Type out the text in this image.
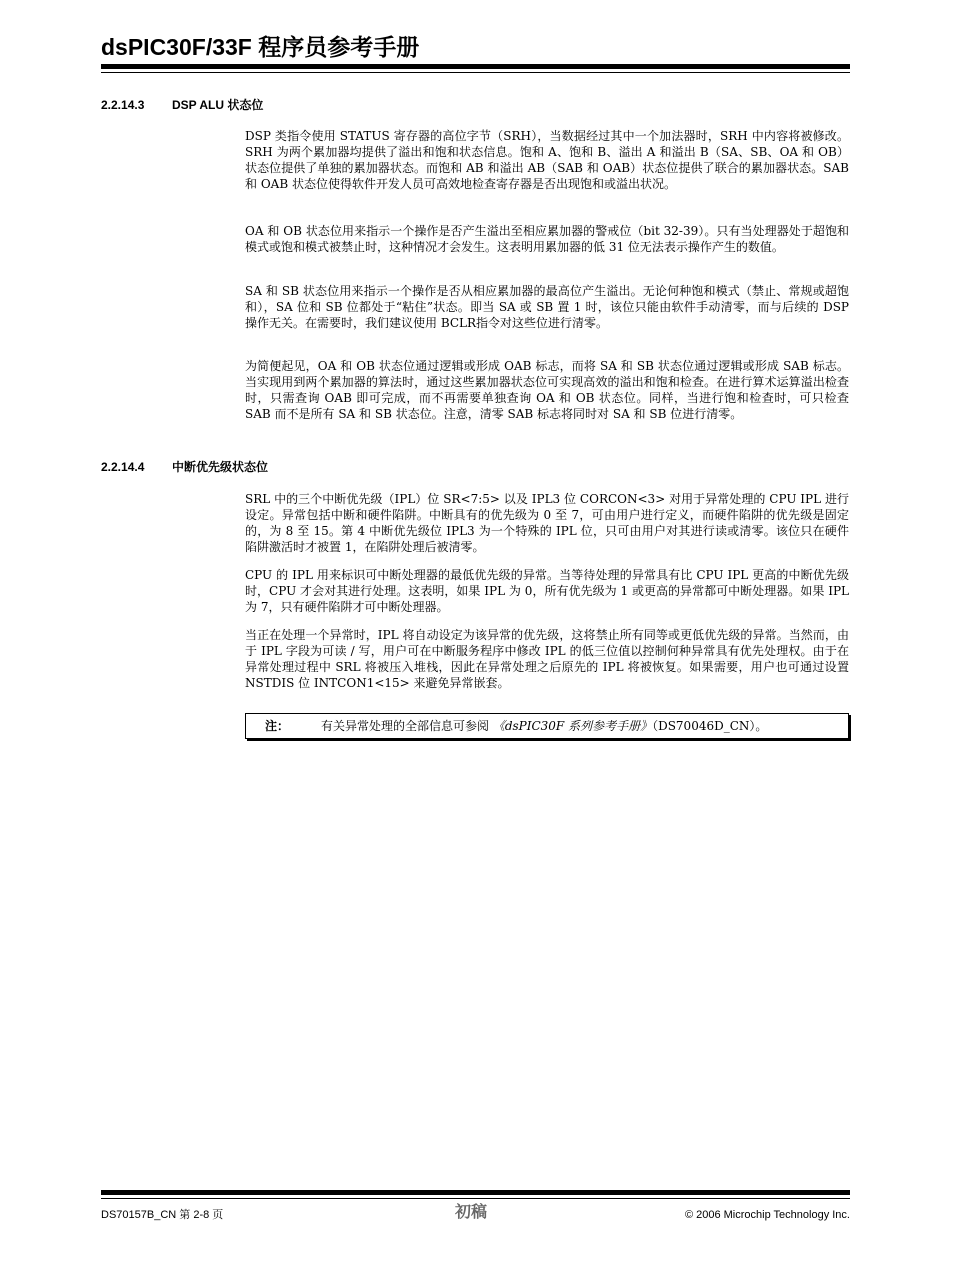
dsPIC30F/33F 程序员参考手册
2.2.14.3 DSP ALU 状态位

DSP 类指令使用 STATUS 寄存器的高位字节（SRH），当数据经过其中一个加法器时，SRH 中内容将被修改。SRH 为两个累加器均提供了溢出和饱和状态信息。饱和 A、饱和 B、溢出 A 和溢出 B（SA、SB、OA 和 OB）状态位提供了单独的累加器状态。而饱和 AB 和溢出 AB（SAB 和 OAB）状态位提供了联合的累加器状态。SAB 和 OAB 状态位使得软件开发人员可高效地检查寄存器是否出现饱和或溢出状况。

OA 和 OB 状态位用来指示一个操作是否产生溢出至相应累加器的警戒位（bit 32-39）。只有当处理器处于超饱和模式或饱和模式被禁止时，这种情况才会发生。这表明用累加器的低 31 位无法表示操作产生的数值。

SA 和 SB 状态位用来指示一个操作是否从相应累加器的最高位产生溢出。无论何种饱和模式（禁止、常规或超饱和），SA 位和 SB 位都处于“粘住”状态。即当 SA 或 SB 置 1 时，该位只能由软件手动清零，而与后续的 DSP 操作无关。在需要时，我们建议使用 BCLR指令对这些位进行清零。

为简便起见，OA 和 OB 状态位通过逻辑或形成 OAB 标志，而将 SA 和 SB 状态位通过逻辑或形成 SAB 标志。当实现用到两个累加器的算法时，通过这些累加器状态位可实现高效的溢出和饱和检查。在进行算术运算溢出检查时，只需查询 OAB 即可完成，而不再需要单独查询 OA 和 OB 状态位。同样，当进行饱和检查时，可只检查 SAB 而不是所有 SA 和 SB 状态位。注意，清零 SAB 标志将同时对 SA 和 SB 位进行清零。

2.2.14.4 中断优先级状态位

SRL 中的三个中断优先级（IPL）位 SR<7:5> 以及 IPL3 位 CORCON<3> 对用于异常处理的 CPU IPL 进行设定。异常包括中断和硬件陷阱。中断具有的优先级为 0 至 7，可由用户进行定义，而硬件陷阱的优先级是固定的，为 8 至 15。第 4 中断优先级位 IPL3 为一个特殊的 IPL 位，只可由用户对其进行读或清零。该位只在硬件陷阱激活时才被置 1，在陷阱处理后被清零。

CPU 的 IPL 用来标识可中断处理器的最低优先级的异常。当等待处理的异常具有比 CPU IPL 更高的中断优先级时，CPU 才会对其进行处理。这表明，如果 IPL 为 0，所有优先级为 1 或更高的异常都可中断处理器。如果 IPL 为 7，只有硬件陷阱才可中断处理器。

当正在处理一个异常时，IPL 将自动设定为该异常的优先级，这将禁止所有同等或更低优先级的异常。当然而，由于 IPL 字段为可读 / 写，用户可在中断服务程序中修改 IPL 的低三位值以控制何种异常具有优先处理权。由于在异常处理过程中 SRL 将被压入堆栈，因此在异常处理之后原先的 IPL 将被恢复。如果需要，用户也可通过设置 NSTDIS 位 INTCON1<15> 来避免异常嵌套。

注：	有关异常处理的全部信息可参阅 《dsPIC30F 系列参考手册》（DS70046D_CN）。
DS70157B_CN 第 2-8 页	初稿	© 2006 Microchip Technology Inc.
